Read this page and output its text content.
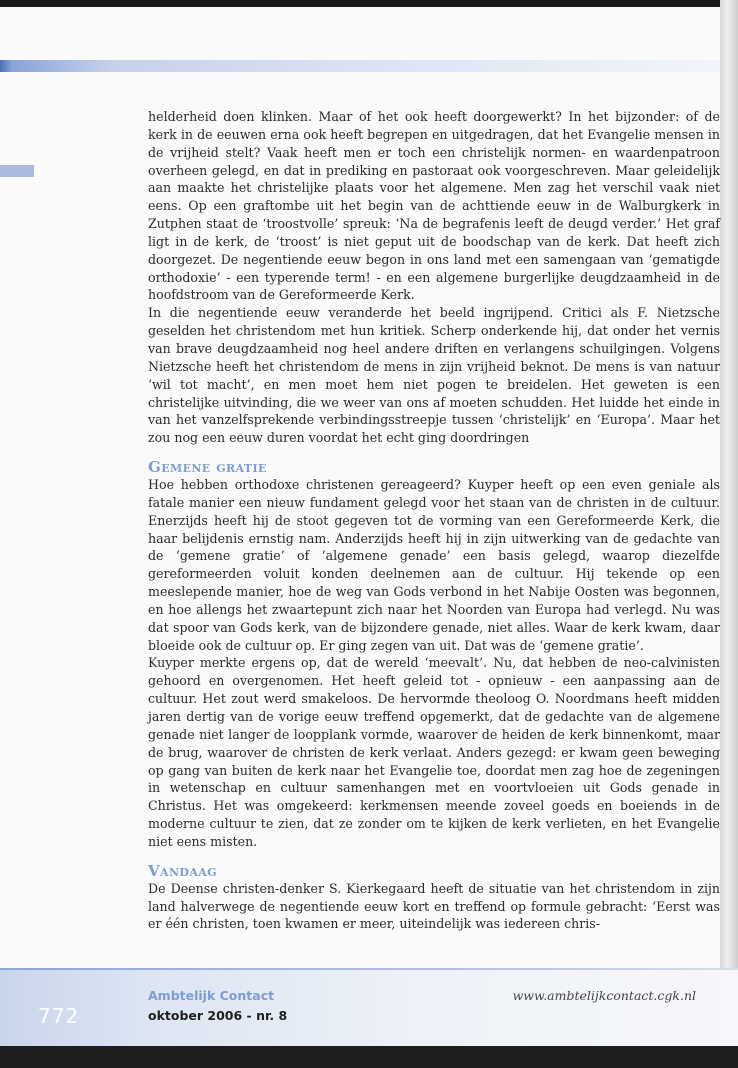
helderheid doen klinken. Maar of het ook heeft doorgewerkt? In het bijzonder: of de kerk in de eeuwen erna ook heeft begrepen en uitgedragen, dat het Evangelie mensen in de vrijheid stelt? Vaak heeft men er toch een christelijk normen- en waardenpatroon overheen gelegd, en dat in prediking en pastoraat ook voorgeschreven. Maar geleidelijk aan maakte het christelijke plaats voor het algemene. Men zag het verschil vaak niet eens. Op een graftombe uit het begin van de achttiende eeuw in de Walburgkerk in Zutphen staat de ‘troostvolle’ spreuk: ‘Na de begrafenis leeft de deugd verder.’ Het graf ligt in de kerk, de ‘troost’ is niet geput uit de boodschap van de kerk. Dat heeft zich doorgezet. De negentiende eeuw begon in ons land met een samengaan van ‘gematigde orthodoxie’ - een typerende term! - en een algemene burgerlijke deugdzaamheid in de hoofdstroom van de Gereformeerde Kerk.

In die negentiende eeuw veranderde het beeld ingrijpend. Critici als F. Nietzsche geselden het christendom met hun kritiek. Scherp onderkende hij, dat onder het vernis van brave deugdzaamheid nog heel andere driften en verlangens schuilgingen. Volgens Nietzsche heeft het christendom de mens in zijn vrijheid beknot. De mens is van natuur ‘wil tot macht’, en men moet hem niet pogen te breidelen. Het geweten is een christelijke uitvinding, die we weer van ons af moeten schudden. Het luidde het einde in van het vanzelfsprekende verbindingsstreepje tussen ‘christelijk’ en ‘Europa’. Maar het zou nog een eeuw duren voordat het echt ging doordringen

Gemene gratie

Hoe hebben orthodoxe christenen gereageerd? Kuyper heeft op een even geniale als fatale manier een nieuw fundament gelegd voor het staan van de christen in de cultuur. Enerzijds heeft hij de stoot gegeven tot de vorming van een Gereformeerde Kerk, die haar belijdenis ernstig nam. Anderzijds heeft hij in zijn uitwerking van de gedachte van de ‘gemene gratie’ of ‘algemene genade’ een basis gelegd, waarop diezelfde gereformeerden voluit konden deelnemen aan de cultuur. Hij tekende op een meeslepende manier, hoe de weg van Gods verbond in het Nabije Oosten was begonnen, en hoe allengs het zwaartepunt zich naar het Noorden van Europa had verlegd. Nu was dat spoor van Gods kerk, van de bijzondere genade, niet alles. Waar de kerk kwam, daar bloeide ook de cultuur op. Er ging zegen van uit. Dat was de ‘gemene gratie’.

Kuyper merkte ergens op, dat de wereld ‘meevalt’. Nu, dat hebben de neo-calvinisten gehoord en overgenomen. Het heeft geleid tot - opnieuw - een aanpassing aan de cultuur. Het zout werd smakeloos. De hervormde theoloog O. Noordmans heeft midden jaren dertig van de vorige eeuw treffend opgemerkt, dat de gedachte van de algemene genade niet langer de loopplank vormde, waarover de heiden de kerk binnenkomt, maar de brug, waarover de christen de kerk verlaat. Anders gezegd: er kwam geen beweging op gang van buiten de kerk naar het Evangelie toe, doordat men zag hoe de zegeningen in wetenschap en cultuur samenhangen met en voortvloeien uit Gods genade in Christus. Het was omgekeerd: kerkmensen meende zoveel goeds en boeiends in de moderne cultuur te zien, dat ze zonder om te kijken de kerk verlieten, en het Evangelie niet eens misten.

Vandaag

De Deense christen-denker S. Kierkegaard heeft de situatie van het christendom in zijn land halverwege de negentiende eeuw kort en treffend op formule gebracht: ‘Eerst was er één christen, toen kwamen er meer, uiteindelijk was iedereen chris-

772
Ambtelijk Contact
oktober 2006 - nr. 8
www.ambtelijkcontact.cgk.nl
